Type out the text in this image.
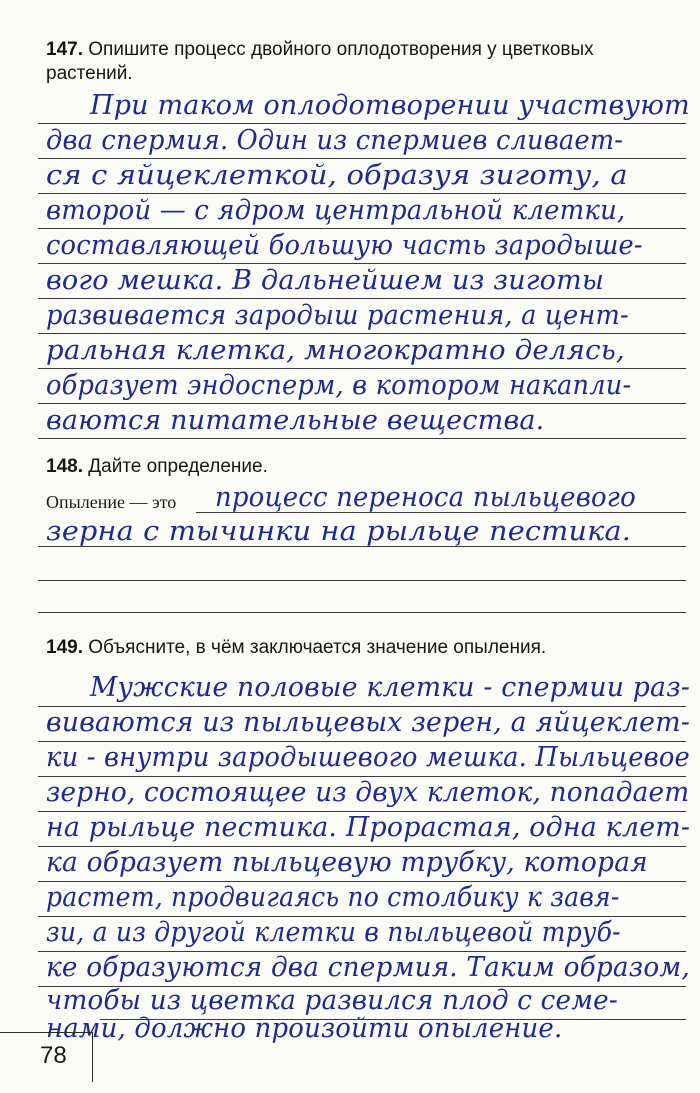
147. Опишите процесс двойного оплодотворения у цветковых растений.
При таком оплодотворении участвуют
два спермия. Один из спермиев сливает-
ся с яйцеклеткой, образуя зиготу, а
второй — с ядром центральной клетки,
составляющей большую часть зародыше-
вого мешка. В дальнейшем из зиготы
развивается зародыш растения, а цент-
ральная клетка, многократно делясь,
образует эндосперм, в котором накапли-
ваются питательные вещества.
148. Дайте определение.
Опыление — это процесс переноса пыльцевого
зерна с тычинки на рыльце пестика.
149. Объясните, в чём заключается значение опыления.
Мужские половые клетки - спермии раз-
виваются из пыльцевых зерен, а яйцеклет-
ки - внутри зародышевого мешка. Пыльцевое
зерно, состоящее из двух клеток, попадает
на рыльце пестика. Прорастая, одна клет-
ка образует пыльцевую трубку, которая
растет, продвигаясь по столбику к завя-
зи, а из другой клетки в пыльцевой труб-
ке образуются два спермия. Таким образом,
чтобы из цветка развился плод с семе-
нами, должно произойти опыление.
78
